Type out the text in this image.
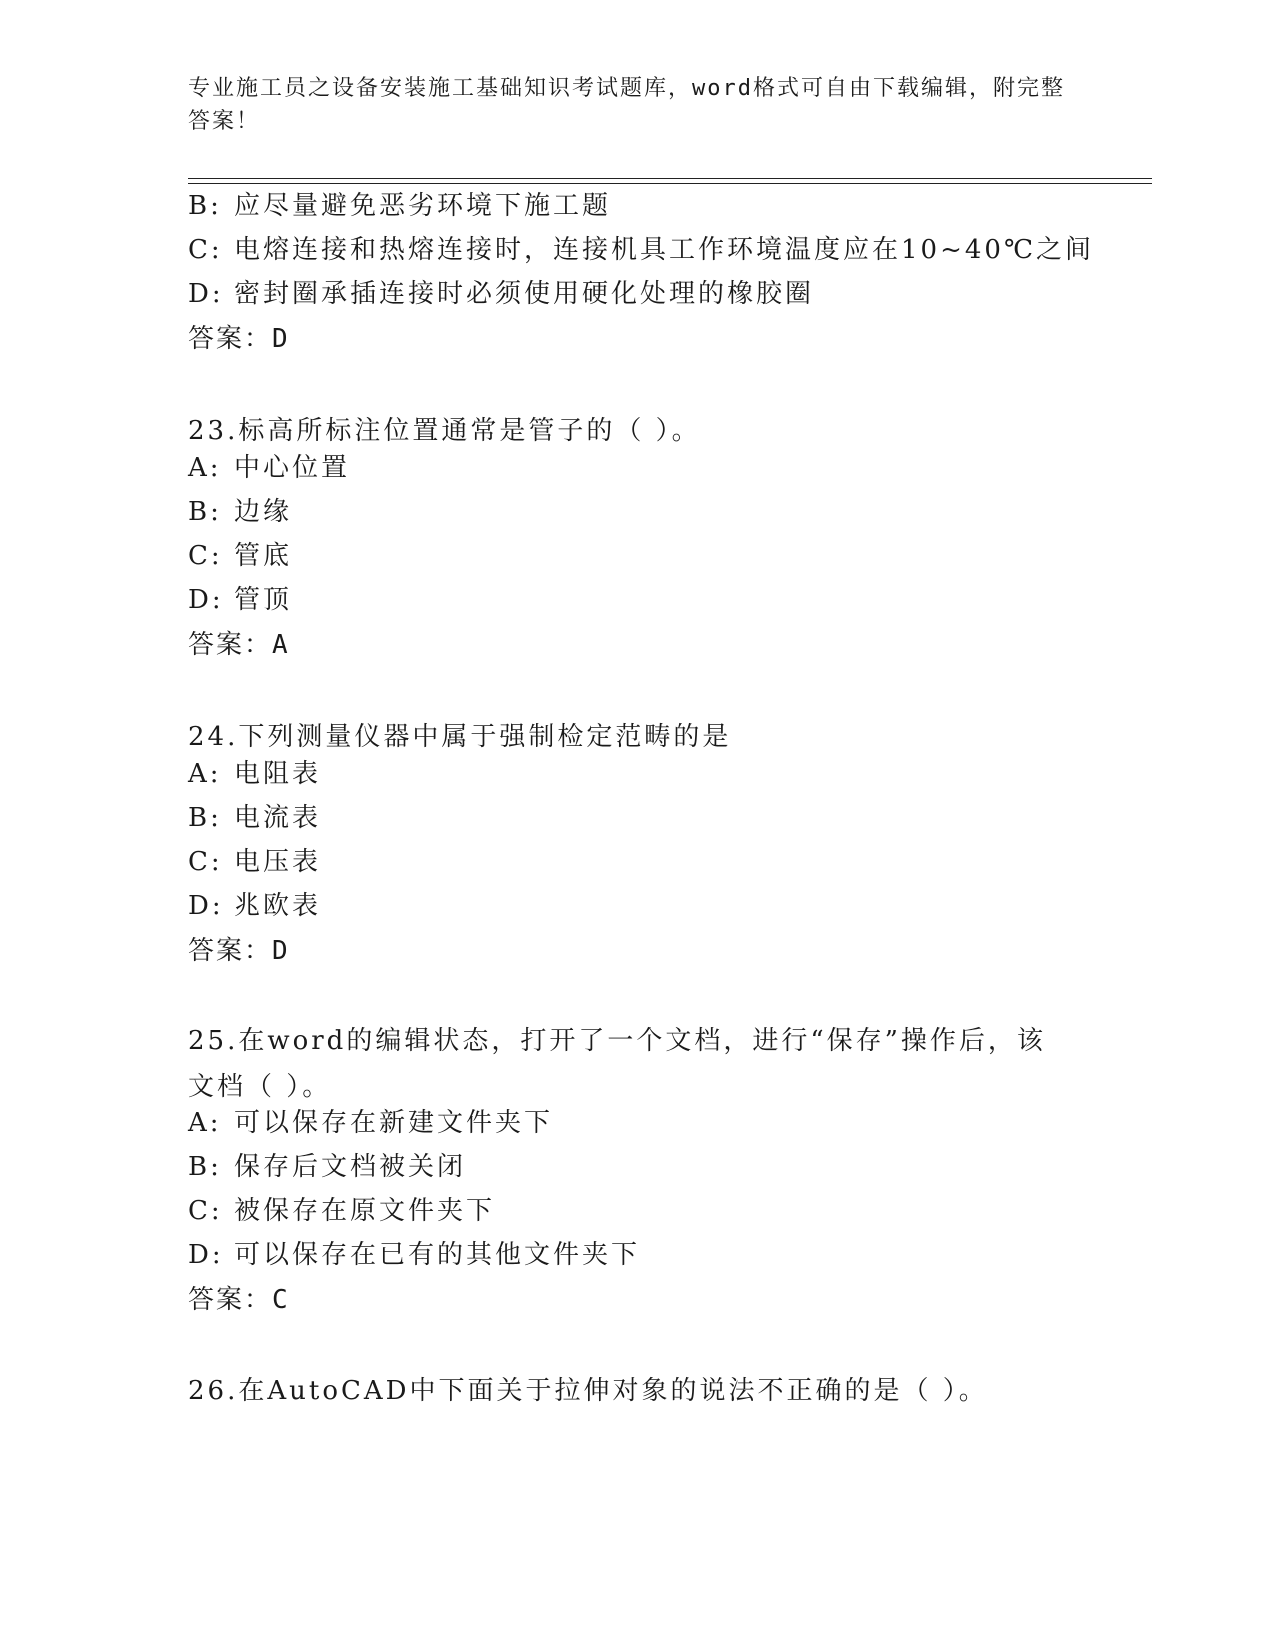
专业施工员之设备安装施工基础知识考试题库，word格式可自由下载编辑，附完整答案！
B: 应尽量避免恶劣环境下施工题
C: 电熔连接和热熔连接时，连接机具工作环境温度应在10~40℃之间
D: 密封圈承插连接时必须使用硬化处理的橡胶圈
答案：D
23.标高所标注位置通常是管子的（ ）。
A: 中心位置
B: 边缘
C: 管底
D: 管顶
答案：A
24.下列测量仪器中属于强制检定范畴的是
A: 电阻表
B: 电流表
C: 电压表
D: 兆欧表
答案：D
25.在word的编辑状态，打开了一个文档，进行“保存”操作后，该文档（ ）。
A: 可以保存在新建文件夹下
B: 保存后文档被关闭
C: 被保存在原文件夹下
D: 可以保存在已有的其他文件夹下
答案：C
26.在AutoCAD中下面关于拉伸对象的说法不正确的是（ ）。
